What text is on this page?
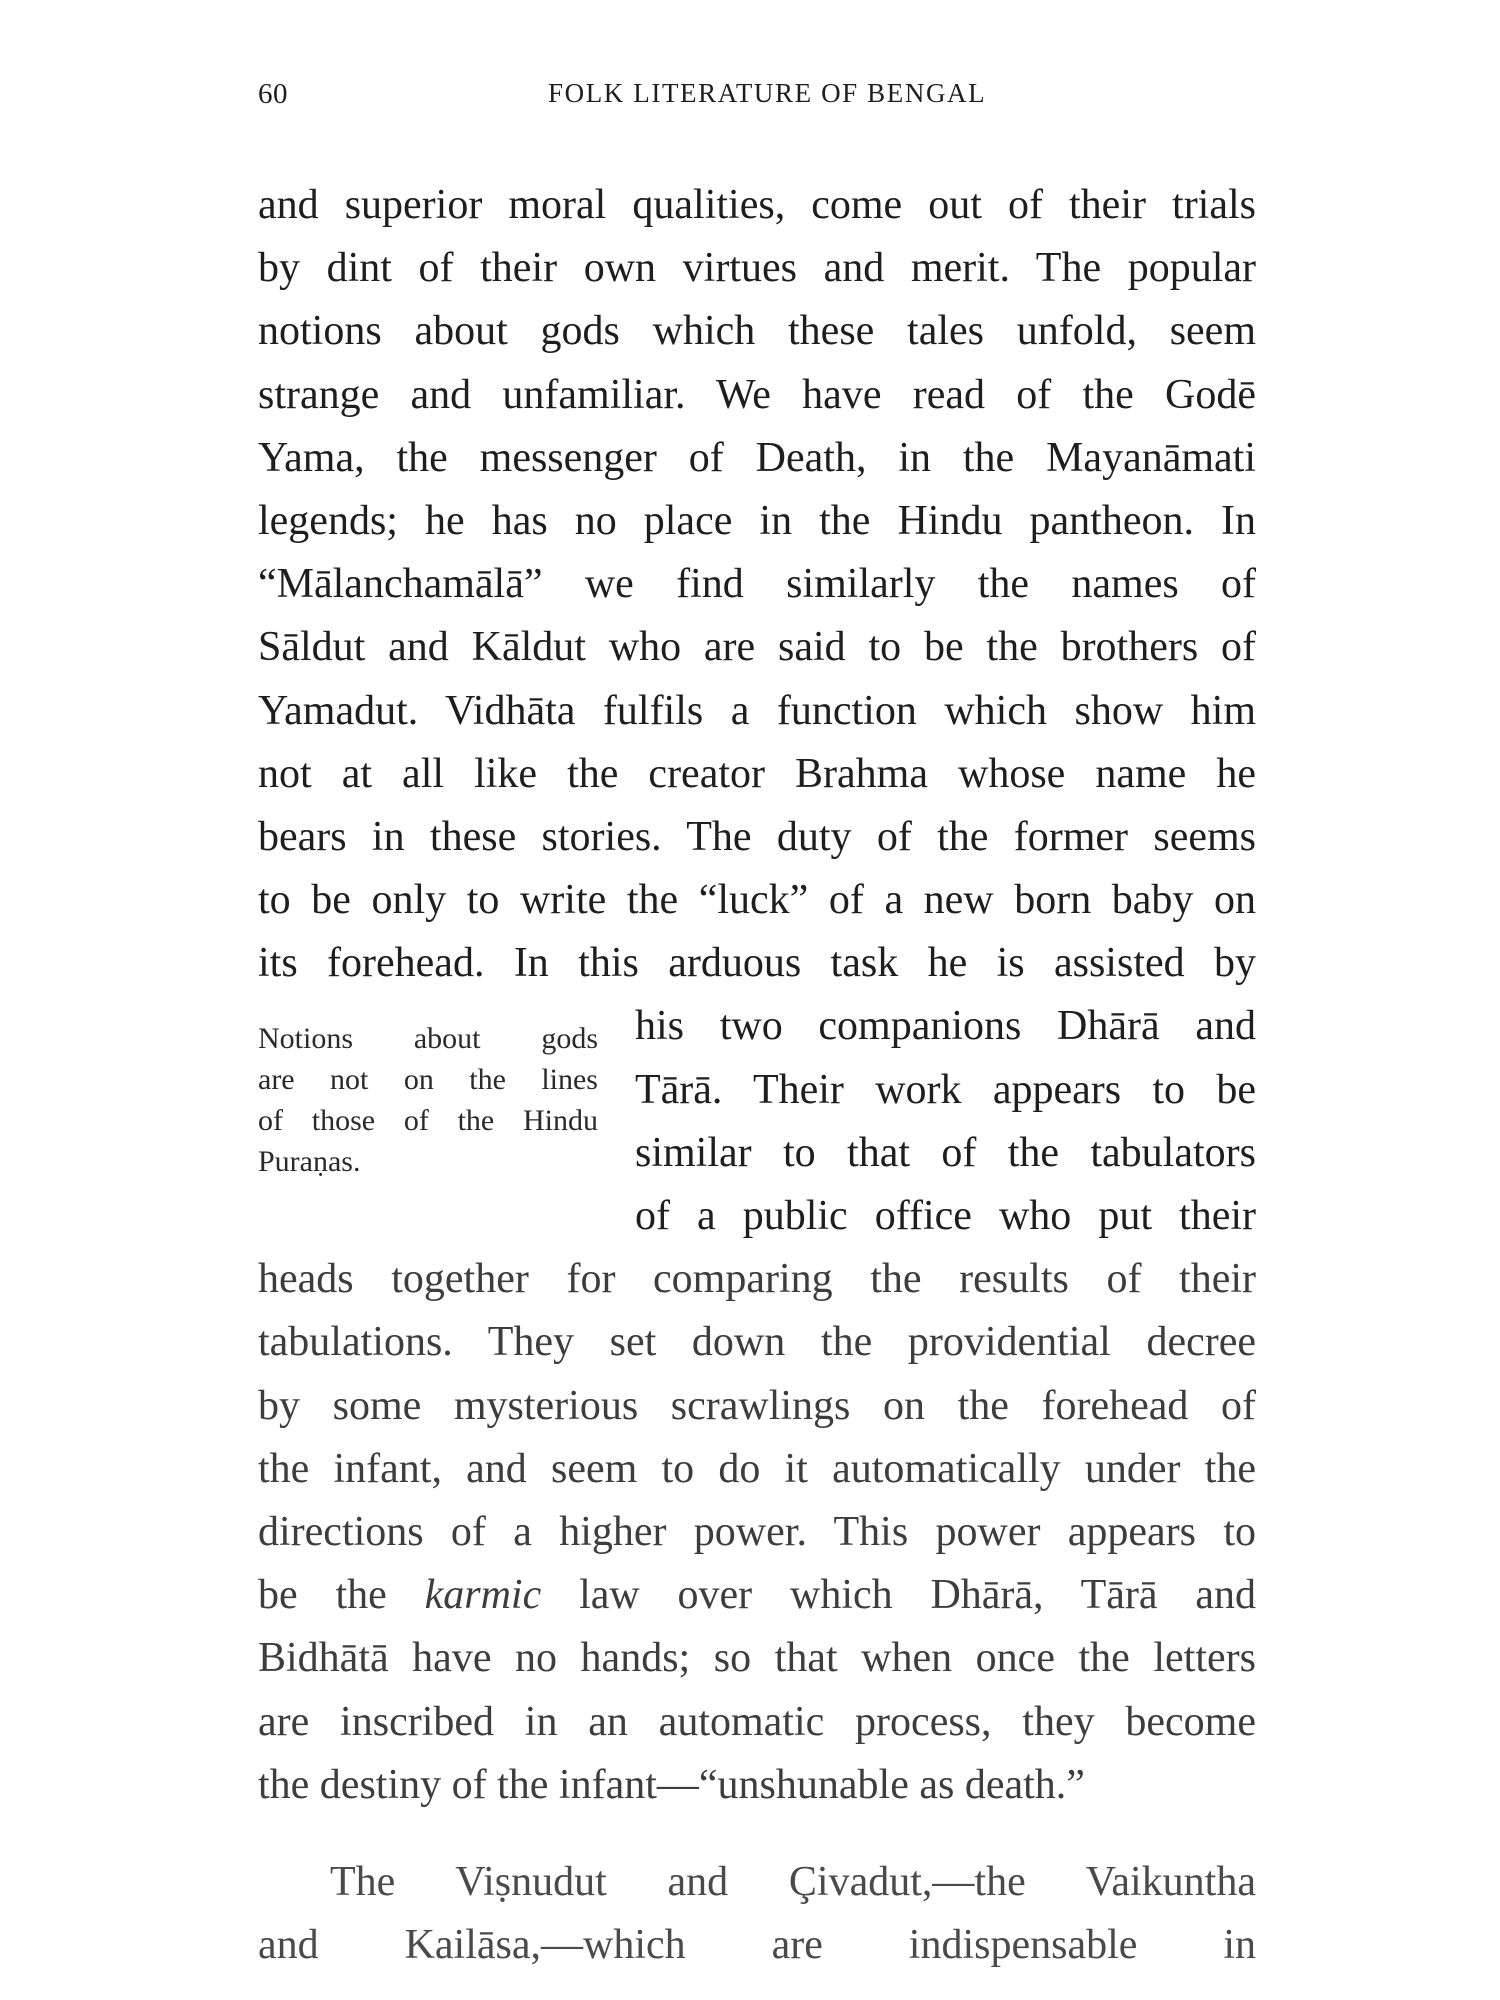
60	FOLK LITERATURE OF BENGAL
Notions about gods
are not on the lines
of those of the Hindu
Puraṇas.
and superior moral qualities, come out of their trials
by dint of their own virtues and merit. The popular
notions about gods which these tales unfold, seem
strange and unfamiliar. We have read of the Godē
Yama, the messenger of Death, in the Mayanāmati
legends; he has no place in the Hindu pantheon. In
“Mālanchamālā” we find similarly the names of
Sāldut and Kāldut who are said to be the brothers of
Yamadut. Vidhāta fulfils a function which show him
not at all like the creator Brahma whose name he
bears in these stories. The duty of the former seems
to be only to write the “luck” of a new born baby on
its forehead. In this arduous task he is assisted by
his two companions Dhārā and
Tārā. Their work appears to be
similar to that of the tabulators
of a public office who put their
heads together for comparing the results of their
tabulations. They set down the providential decree
by some mysterious scrawlings on the forehead of
the infant, and seem to do it automatically under the
directions of a higher power. This power appears to
be the karmic law over which Dhārā, Tārā and
Bidhātā have no hands; so that when once the letters
are inscribed in an automatic process, they become
the destiny of the infant—“unshunable as death.”
The Viṣnudut and Çivadut,—the Vaikuntha
and Kailāsa,—which are indispensable in
